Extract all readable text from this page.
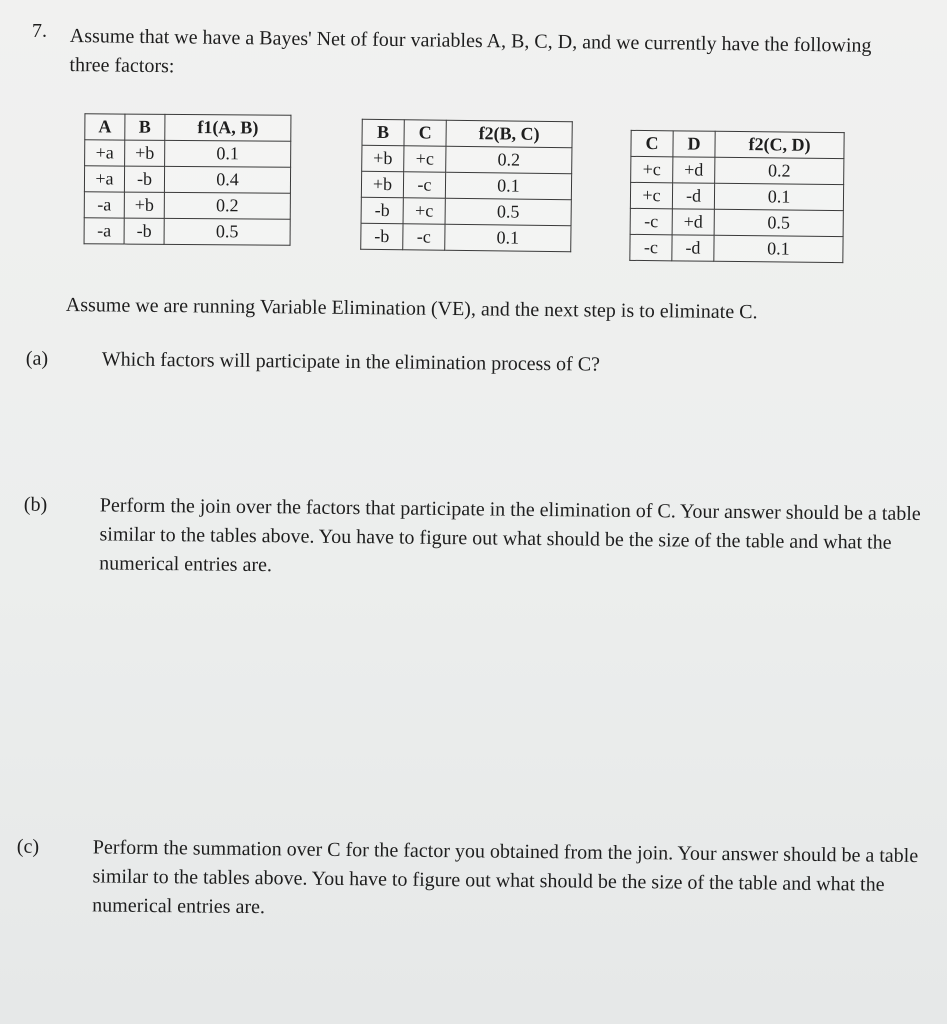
7. Assume that we have a Bayes' Net of four variables A, B, C, D, and we currently have the following three factors:
A	B	f1(A, B)
+a	+b	0.1
+a	-b	0.4
-a	+b	0.2
-a	-b	0.5
B	C	f2(B, C)
+b	+c	0.2
+b	-c	0.1
-b	+c	0.5
-b	-c	0.1
C	D	f2(C, D)
+c	+d	0.2
+c	-d	0.1
-c	+d	0.5
-c	-d	0.1
Assume we are running Variable Elimination (VE), and the next step is to eliminate C.
(a)	Which factors will participate in the elimination process of C?
(b)	Perform the join over the factors that participate in the elimination of C. Your answer should be a table similar to the tables above. You have to figure out what should be the size of the table and what the numerical entries are.
(c)	Perform the summation over C for the factor you obtained from the join. Your answer should be a table similar to the tables above. You have to figure out what should be the size of the table and what the numerical entries are.
